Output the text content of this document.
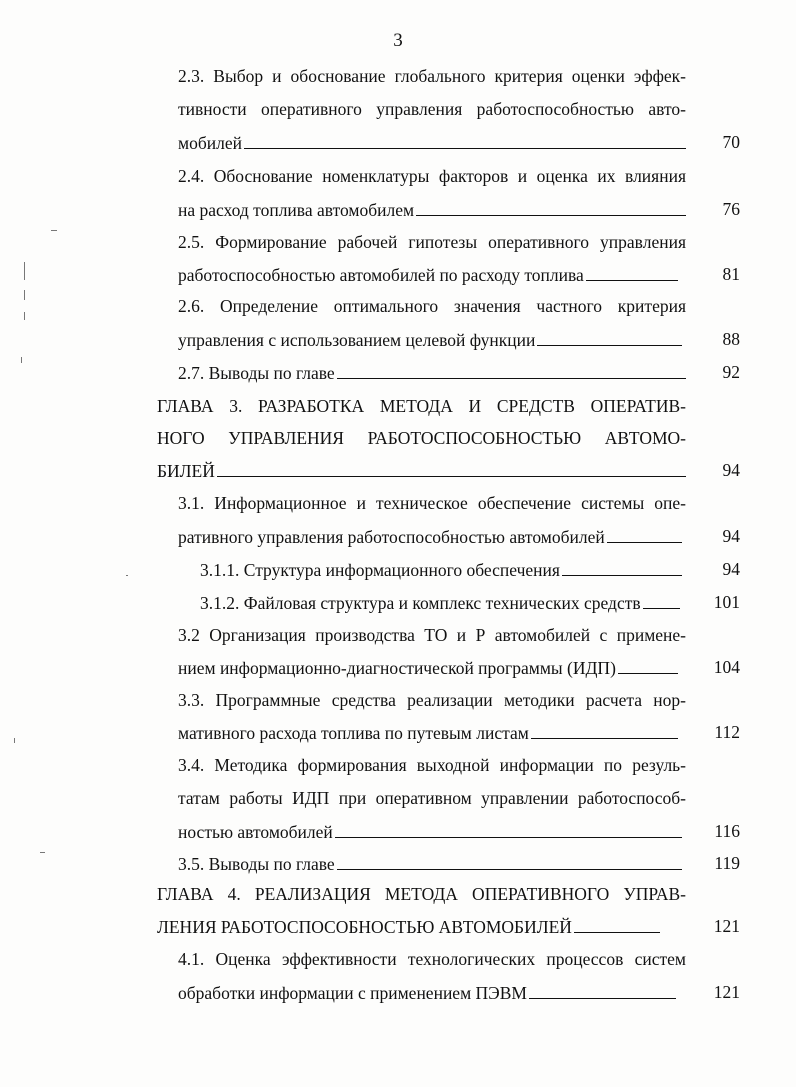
3
2.3. Выбор и обоснование глобального критерия оценки эффек-
тивности оперативного управления работоспособностью авто-
мобилей	70
2.4. Обоснование номенклатуры факторов и оценка их влияния
на расход топлива автомобилем	76
2.5. Формирование рабочей гипотезы оперативного управления
работоспособностью автомобилей по расходу топлива	81
2.6. Определение оптимального значения частного критерия
управления с использованием целевой функции	88
2.7. Выводы по главе	92
ГЛАВА 3. РАЗРАБОТКА МЕТОДА И СРЕДСТВ ОПЕРАТИВ-
НОГО УПРАВЛЕНИЯ РАБОТОСПОСОБНОСТЬЮ АВТОМО-
БИЛЕЙ	94
3.1. Информационное и техническое обеспечение системы опе-
ративного управления работоспособностью автомобилей	94
3.1.1. Структура информационного обеспечения	94
3.1.2. Файловая структура и комплекс технических средств	101
3.2 Организация производства ТО и Р автомобилей с примене-
нием информационно-диагностической программы (ИДП)	104
3.3. Программные средства реализации методики расчета нор-
мативного расхода топлива по путевым листам	112
3.4. Методика формирования выходной информации по резуль-
татам работы ИДП при оперативном управлении работоспособ-
ностью автомобилей	116
3.5. Выводы по главе	119
ГЛАВА 4. РЕАЛИЗАЦИЯ МЕТОДА ОПЕРАТИВНОГО УПРАВ-
ЛЕНИЯ РАБОТОСПОСОБНОСТЬЮ АВТОМОБИЛЕЙ	121
4.1. Оценка эффективности технологических процессов систем
обработки информации с применением ПЭВМ	121
